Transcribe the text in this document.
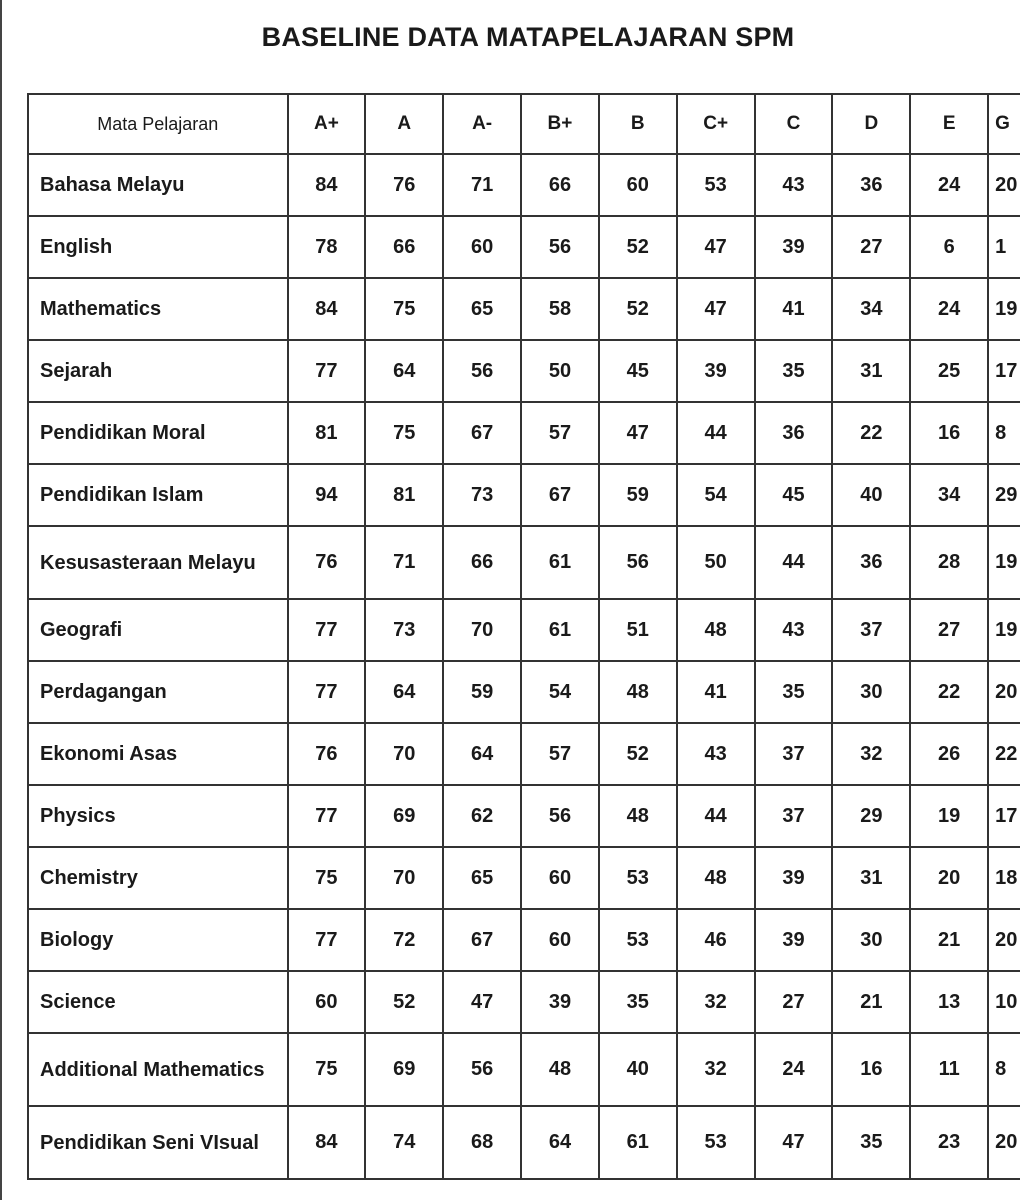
BASELINE DATA MATAPELAJARAN SPM
Mata Pelajaran	A+	A	A-	B+	B	C+	C	D	E	G
Bahasa Melayu	84	76	71	66	60	53	43	36	24	20
English	78	66	60	56	52	47	39	27	6	1
Mathematics	84	75	65	58	52	47	41	34	24	19
Sejarah	77	64	56	50	45	39	35	31	25	17
Pendidikan Moral	81	75	67	57	47	44	36	22	16	8
Pendidikan Islam	94	81	73	67	59	54	45	40	34	29
Kesusasteraan Melayu	76	71	66	61	56	50	44	36	28	19
Geografi	77	73	70	61	51	48	43	37	27	19
Perdagangan	77	64	59	54	48	41	35	30	22	20
Ekonomi Asas	76	70	64	57	52	43	37	32	26	22
Physics	77	69	62	56	48	44	37	29	19	17
Chemistry	75	70	65	60	53	48	39	31	20	18
Biology	77	72	67	60	53	46	39	30	21	20
Science	60	52	47	39	35	32	27	21	13	10
Additional Mathematics	75	69	56	48	40	32	24	16	11	8
Pendidikan Seni VIsual	84	74	68	64	61	53	47	35	23	20
